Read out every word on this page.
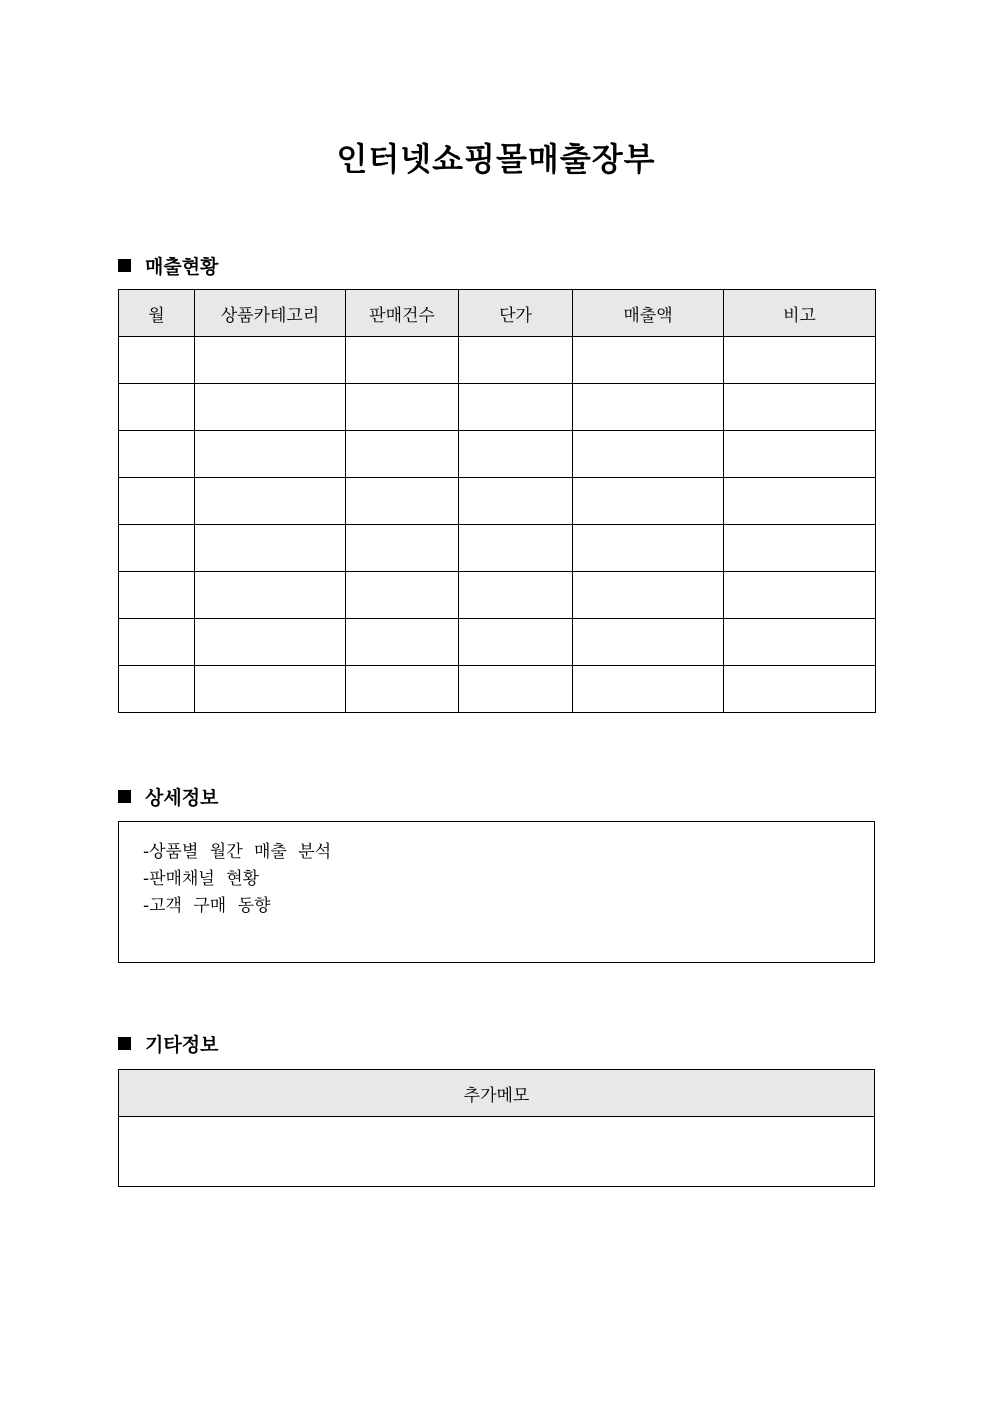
인터넷쇼핑몰매출장부
매출현황
월	상품카테고리	판매건수	단가	매출액	비고

상세정보
-상품별 월간 매출 분석
-판매채널 현황
-고객 구매 동향
기타정보
추가메모
